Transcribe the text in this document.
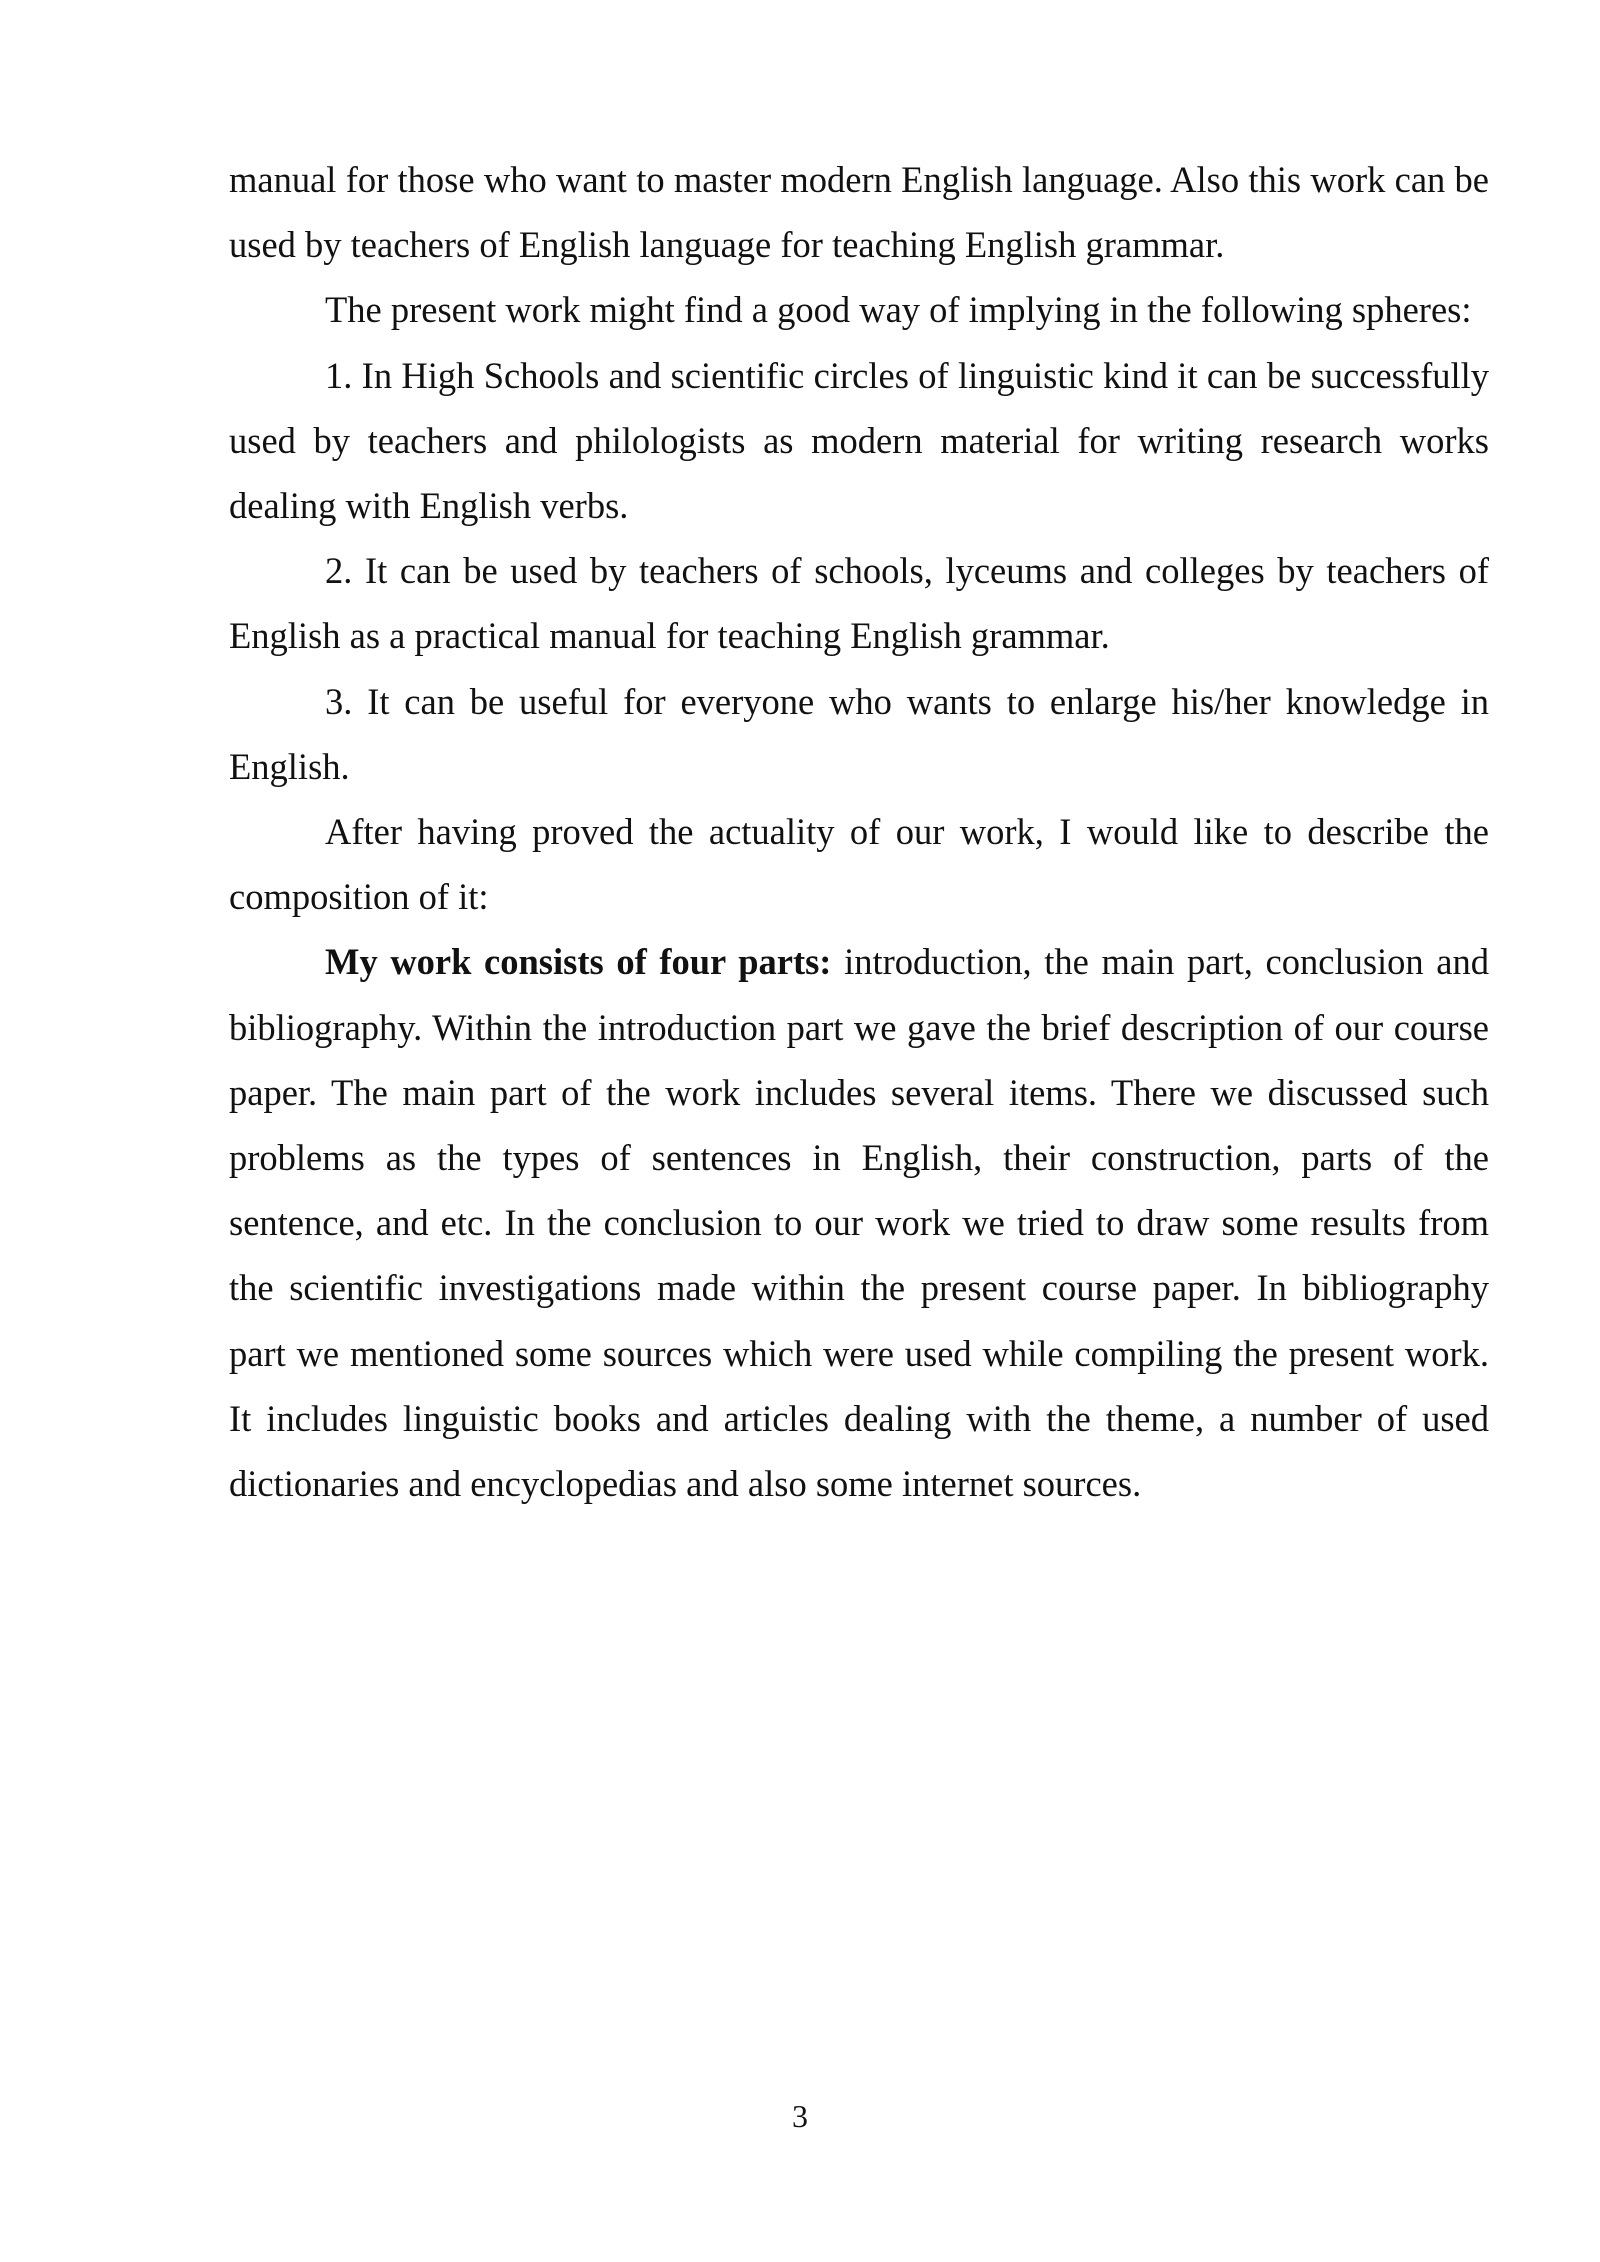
manual for those who want to master modern English language. Also this work can be used by teachers of English language for teaching English grammar.

The present work might find a good way of implying in the following spheres:

1. In High Schools and scientific circles of linguistic kind it can be successfully used by teachers and philologists as modern material for writing research works dealing with English verbs.

2. It can be used by teachers of schools, lyceums and colleges by teachers of English as a practical manual for teaching English grammar.

3. It can be useful for everyone who wants to enlarge his/her knowledge in English.

After having proved the actuality of our work, I would like to describe the composition of it:

My work consists of four parts: introduction, the main part, conclusion and bibliography. Within the introduction part we gave the brief description of our course paper. The main part of the work includes several items. There we discussed such problems as the types of sentences in English, their construction, parts of the sentence, and etc. In the conclusion to our work we tried to draw some results from the scientific investigations made within the present course paper. In bibliography part we mentioned some sources which were used while compiling the present work. It includes linguistic books and articles dealing with the theme, a number of used dictionaries and encyclopedias and also some internet sources.

3
